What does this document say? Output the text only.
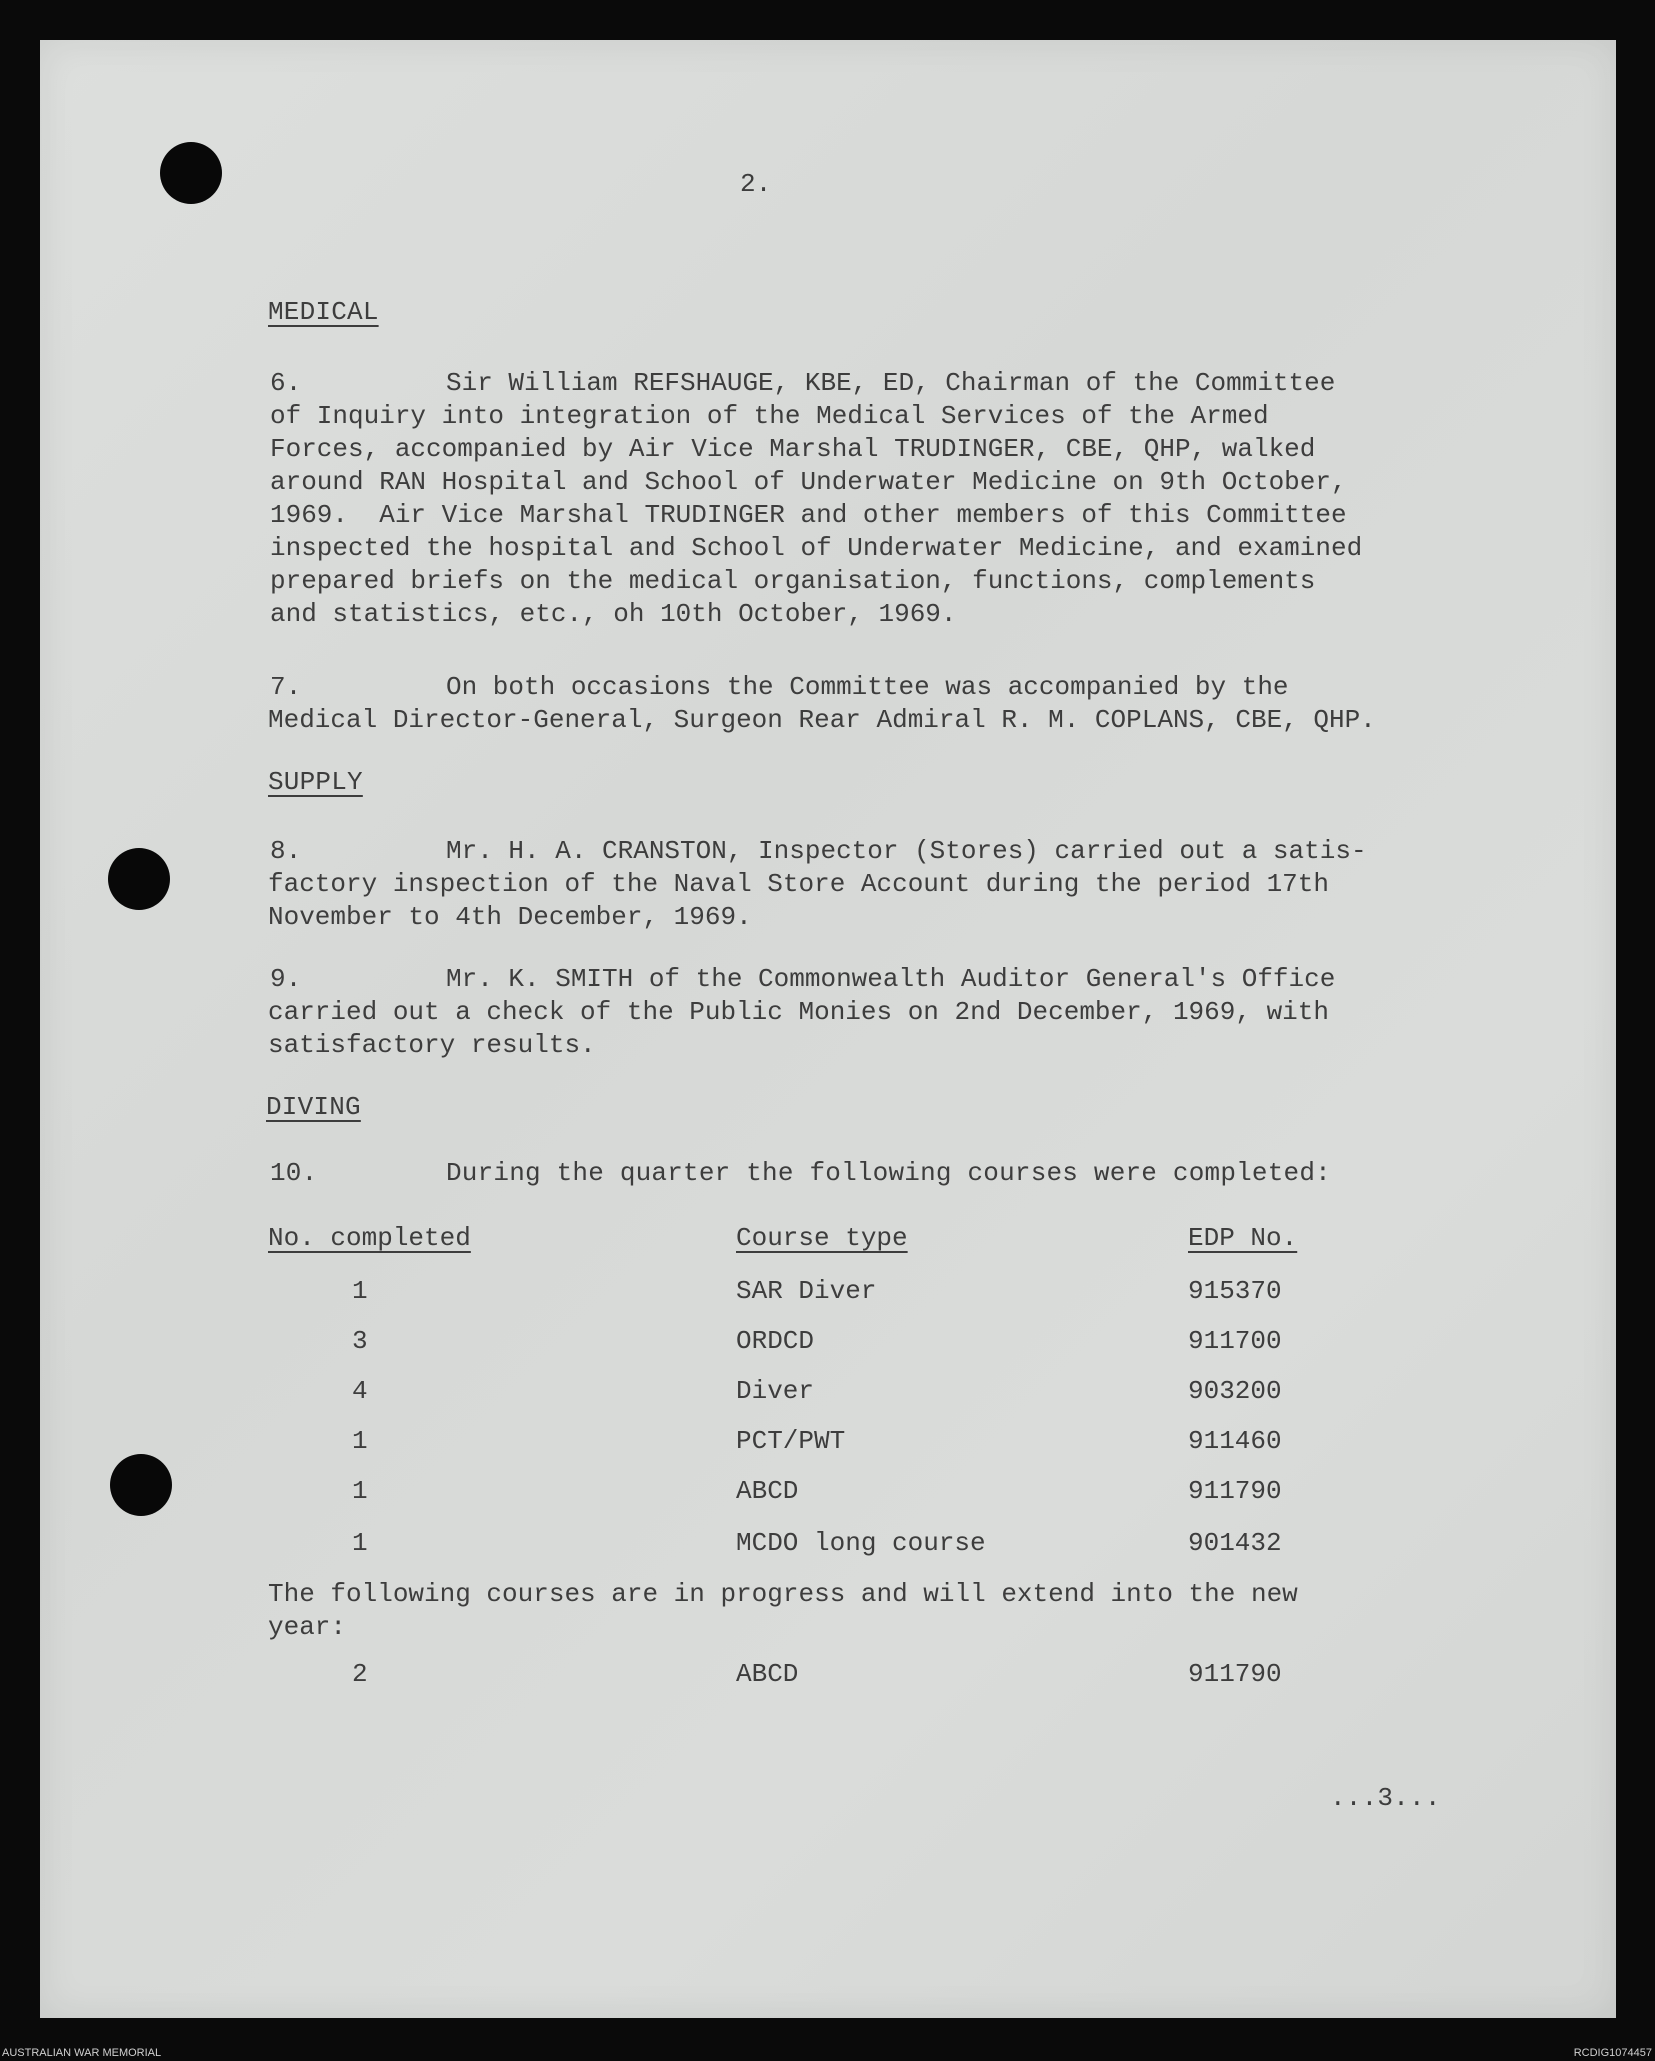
2.
MEDICAL
6.	Sir William REFSHAUGE, KBE, ED, Chairman of the Committee
of Inquiry into integration of the Medical Services of the Armed
Forces, accompanied by Air Vice Marshal TRUDINGER, CBE, QHP, walked
around RAN Hospital and School of Underwater Medicine on 9th October,
1969.  Air Vice Marshal TRUDINGER and other members of this Committee
inspected the hospital and School of Underwater Medicine, and examined
prepared briefs on the medical organisation, functions, complements
and statistics, etc., oh 10th October, 1969.
7.	On both occasions the Committee was accompanied by the
Medical Director-General, Surgeon Rear Admiral R. M. COPLANS, CBE, QHP.
SUPPLY
8.	Mr. H. A. CRANSTON, Inspector (Stores) carried out a satis-
factory inspection of the Naval Store Account during the period 17th
November to 4th December, 1969.
9.	Mr. K. SMITH of the Commonwealth Auditor General's Office
carried out a check of the Public Monies on 2nd December, 1969, with
satisfactory results.
DIVING
10.	During the quarter the following courses were completed:
No. completed	Course type	EDP No.
1	SAR Diver	915370
3	ORDCD	911700
4	Diver	903200
1	PCT/PWT	911460
1	ABCD	911790
1	MCDO long course	901432
The following courses are in progress and will extend into the new
year:
2	ABCD	911790
...3...
AUSTRALIAN WAR MEMORIAL	RCDIG1074457
